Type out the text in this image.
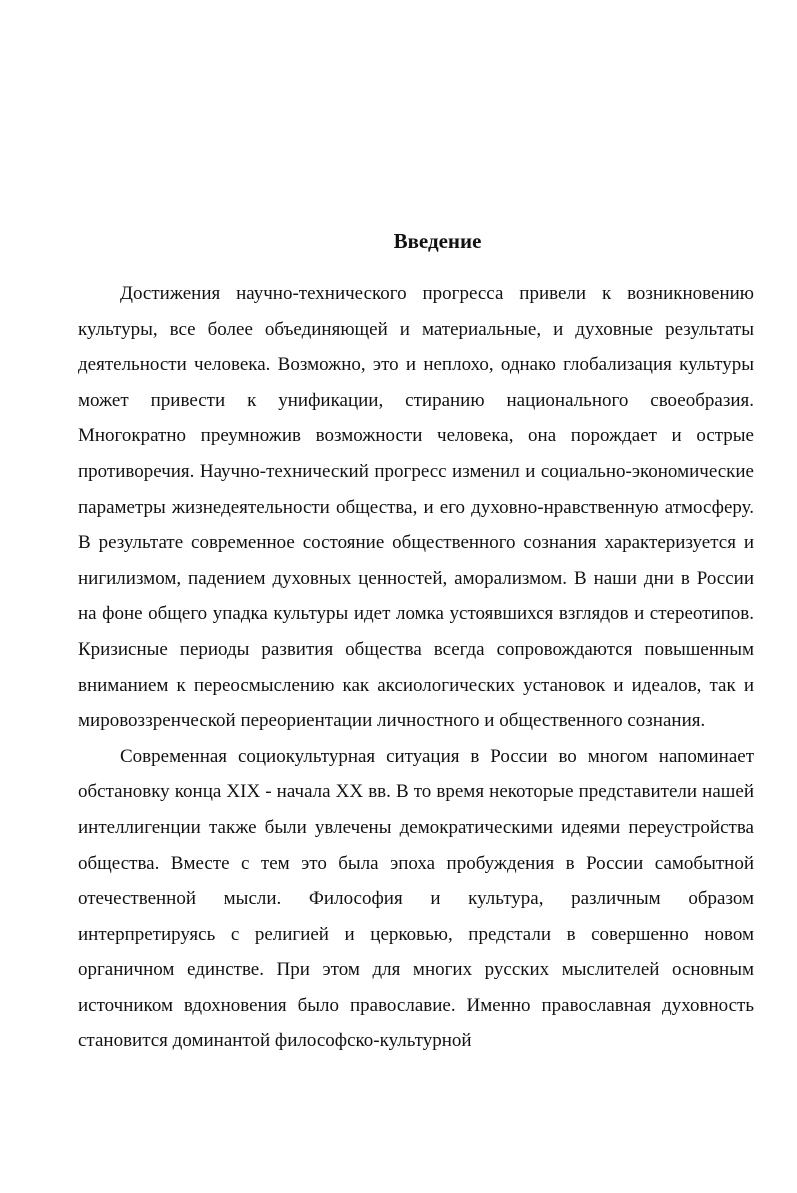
Введение

Достижения научно-технического прогресса привели к возникновению культуры, все более объединяющей и материальные, и духовные результаты деятельности человека. Возможно, это и неплохо, однако глобализация культуры может привести к унификации, стиранию национального своеобразия. Многократно преумножив возможности человека, она порождает и острые противоречия. Научно-технический прогресс изменил и социально-экономические параметры жизнедеятельности общества, и его духовно-нравственную атмосферу. В результате современное состояние общественного сознания характеризуется и нигилизмом, падением духовных ценностей, аморализмом. В наши дни в России на фоне общего упадка культуры идет ломка устоявшихся взглядов и стереотипов. Кризисные периоды развития общества всегда сопровождаются повышенным вниманием к переосмыслению как аксиологических установок и идеалов, так и мировоззренческой переориентации личностного и общественного сознания.

Современная социокультурная ситуация в России во многом напоминает обстановку конца XIX - начала XX вв. В то время некоторые представители нашей интеллигенции также были увлечены демократическими идеями переустройства общества. Вместе с тем это была эпоха пробуждения в России самобытной отечественной мысли. Философия и культура, различным образом интерпретируясь с религией и церковью, предстали в совершенно новом органичном единстве. При этом для многих русских мыслителей основным источником вдохновения было православие. Именно православная духовность становится доминантой философско-культурной
